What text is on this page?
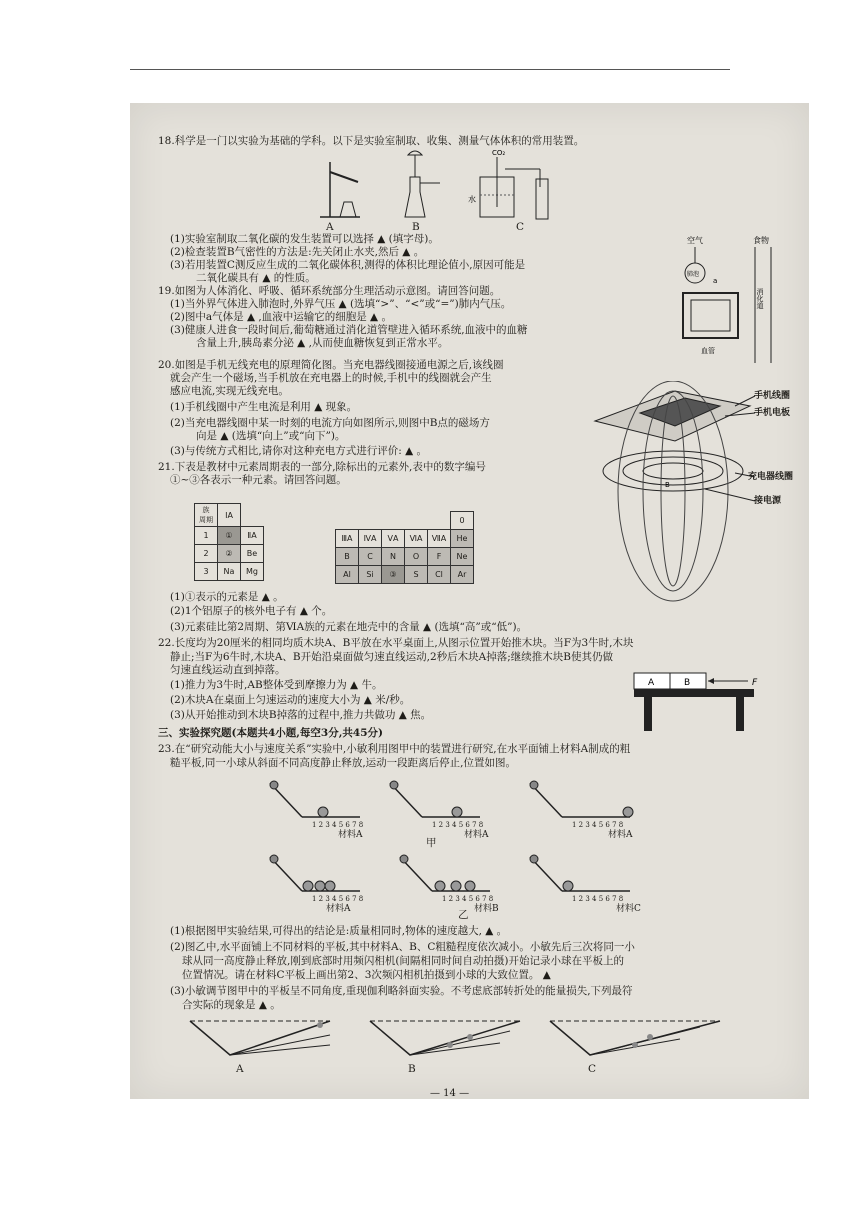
18.科学是一门以实验为基础的学科。以下是实验室制取、收集、测量气体体积的常用装置。
CO₂
水
A	B	C
(1)实验室制取二氧化碳的发生装置可以选择 ▲ (填字母)。
(2)检查装置B气密性的方法是:先关闭止水夹,然后 ▲ 。
(3)若用装置C测反应生成的二氧化碳体积,测得的体积比理论值小,原因可能是
二氧化碳具有 ▲ 的性质。
空气	食物
肺泡
血管
消化道
a
19.如图为人体消化、呼吸、循环系统部分生理活动示意图。请回答问题。
(1)当外界气体进入肺泡时,外界气压 ▲ (选填“>”、“<”或“=”)肺内气压。
(2)图中a气体是 ▲ ,血液中运输它的细胞是 ▲ 。
(3)健康人进食一段时间后,葡萄糖通过消化道管壁进入循环系统,血液中的血糖
含量上升,胰岛素分泌 ▲ ,从而使血糖恢复到正常水平。
20.如图是手机无线充电的原理简化图。当充电器线圈接通电源之后,该线圈
就会产生一个磁场,当手机放在充电器上的时候,手机中的线圈就会产生
感应电流,实现无线充电。
(1)手机线圈中产生电流是利用 ▲ 现象。
(2)当充电器线圈中某一时刻的电流方向如图所示,则图中B点的磁场方
向是 ▲ (选填“向上”或“向下”)。
(3)与传统方式相比,请你对这种充电方式进行评价: ▲ 。
B
手机线圈
手机电板
充电器线圈
接电源
21.下表是教材中元素周期表的一部分,除标出的元素外,表中的数字编号
①~③各表示一种元素。请回答问题。
族
周期	ⅠA	
1	①	ⅡA
2	②	Be
3	Na	Mg
					0
ⅢA	ⅣA	ⅤA	ⅥA	ⅦA	He
B	C	N	O	F	Ne
Al	Si	③	S	Cl	Ar
(1)①表示的元素是 ▲ 。
(2)1个铝原子的核外电子有 ▲ 个。
(3)元素硅比第2周期、第ⅥA族的元素在地壳中的含量 ▲ (选填“高”或“低”)。
22.长度均为20厘米的相同均质木块A、B平放在水平桌面上,从图示位置开始推木块。当F为3牛时,木块
静止;当F为6牛时,木块A、B开始沿桌面做匀速直线运动,2秒后木块A掉落;继续推木块B使其仍做
匀速直线运动直到掉落。
(1)推力为3牛时,AB整体受到摩擦力为 ▲ 牛。
(2)木块A在桌面上匀速运动的速度大小为 ▲ 米/秒。
(3)从开始推动到木块B掉落的过程中,推力共做功 ▲ 焦。
A	B	F
三、实验探究题(本题共4小题,每空3分,共45分)
23.在“研究动能大小与速度关系”实验中,小敏利用图甲中的装置进行研究,在水平面铺上材料A制成的粗
糙平板,同一小球从斜面不同高度静止释放,运动一段距离后停止,位置如图。
1 2 3 4 5 6 7 8	1 2 3 4 5 6 7 8	1 2 3 4 5 6 7 8
材料A	材料A	材料A
甲
1 2 3 4 5 6 7 8	1 2 3 4 5 6 7 8	1 2 3 4 5 6 7 8
材料A	材料B	材料C
乙
(1)根据图甲实验结果,可得出的结论是:质量相同时,物体的速度越大, ▲ 。
(2)图乙中,水平面铺上不同材料的平板,其中材料A、B、C粗糙程度依次减小。小敏先后三次将同一小
球从同一高度静止释放,刚到底部时用频闪相机(间隔相同时间自动拍摄)开始记录小球在平板上的
位置情况。请在材料C平板上画出第2、3次频闪相机拍摄到小球的大致位置。 ▲
(3)小敏调节图甲中的平板呈不同角度,重现伽利略斜面实验。不考虑底部转折处的能量损失,下列最符
合实际的现象是 ▲ 。
A	B	C
— 14 —
